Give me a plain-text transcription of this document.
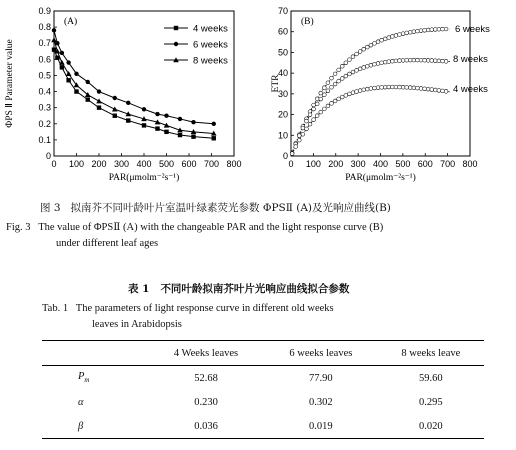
0 100 200 300 400 500 600 700 800
0
0.1
0.2
0.3
0.4
0.5
0.6
0.7
0.8
0.9
PAR(μmolm⁻²s⁻¹)
ΦPS Ⅱ Parameter value
(A)
4 weeks
6 weeks
8 weeks
0 100 200 300 400 500 600 700 800
0
10
20
30
40
50
60
70
PAR(μmolm⁻²s⁻¹)
ETR
(B)
6 weeks
8 weeks
4 weeks
图 3 拟南芥不同叶龄叶片室温叶绿素荧光参数 ΦPSⅡ (A)及光响应曲线(B)
Fig. 3 The value of ΦPSⅡ (A) with the changeable PAR and the light response curve (B)
under different leaf ages
表 1 不同叶龄拟南芥叶片光响应曲线拟合参数
Tab. 1 The parameters of light response curve in different old weeks
leaves in Arabidopsis
	4 Weeks leaves	6 weeks leaves	8 weeks leave
$P_m$	52.68	77.90	59.60
α	0.230	0.302	0.295
β	0.036	0.019	0.020
